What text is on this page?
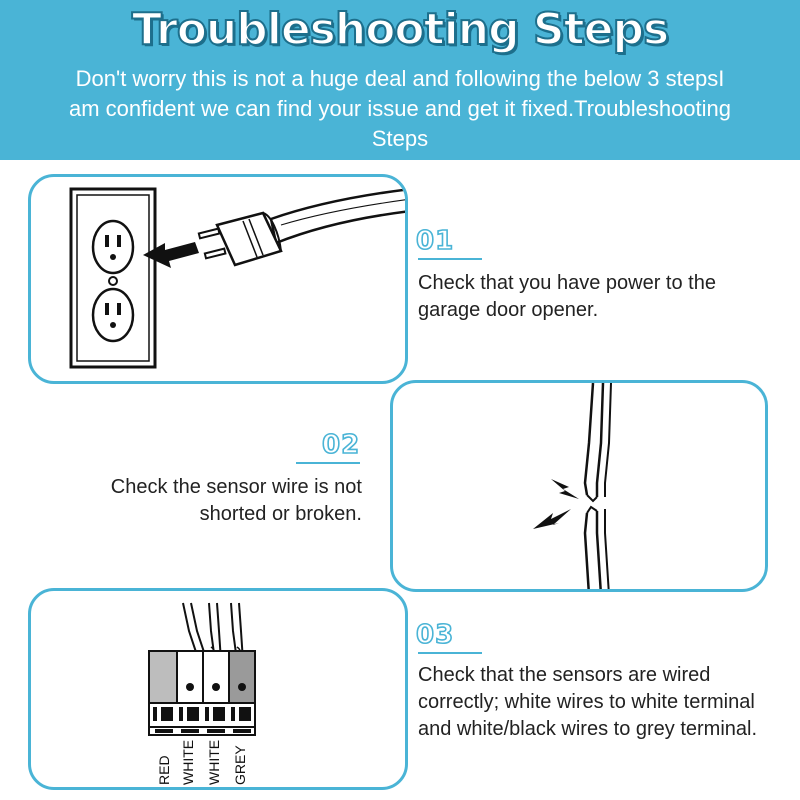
Troubleshooting Steps
Don't worry this is not a huge deal and following the below 3 stepsI am confident we can find your issue and get it fixed.Troubleshooting Steps
01
Check that you have power to the garage door opener.
02
Check the sensor wire is not shorted or broken.
RED WHITE WHITE GREY
03
Check that the sensors are wired correctly; white wires to white terminal and white/black wires to grey terminal.
